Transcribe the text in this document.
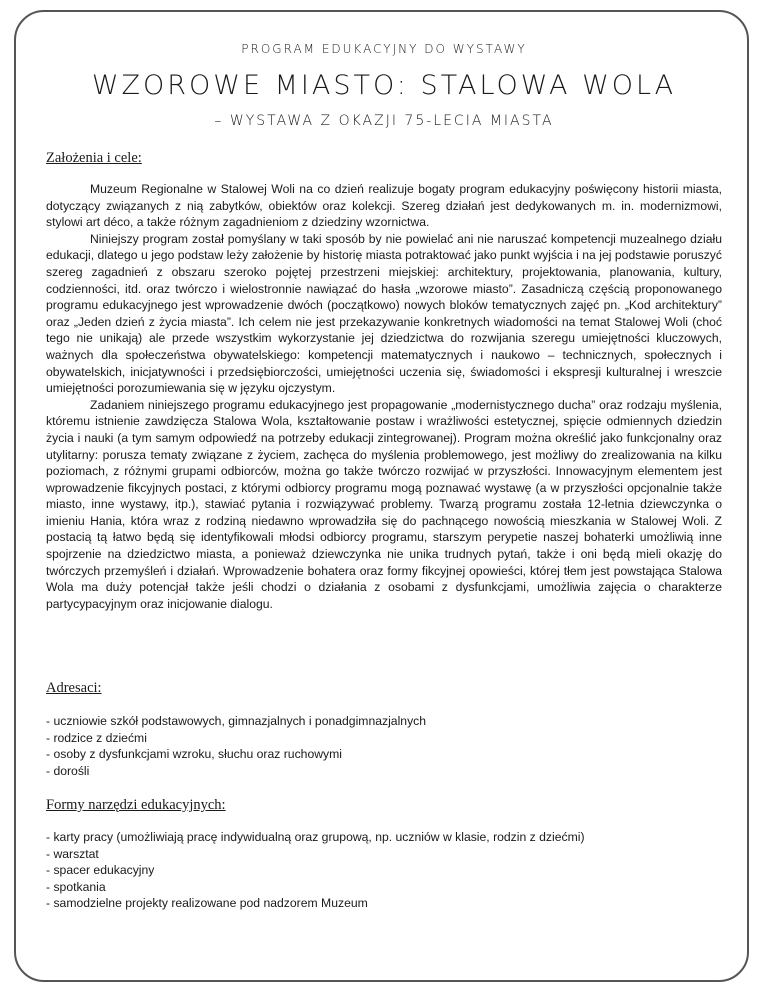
PROGRAM EDUKACYJNY DO WYSTAWY
WZOROWE MIASTO: STALOWA WOLA
– WYSTAWA Z OKAZJI 75-LECIA MIASTA
Założenia i cele:

Muzeum Regionalne w Stalowej Woli na co dzień realizuje bogaty program edukacyjny poświęcony historii miasta, dotyczący związanych z nią zabytków, obiektów oraz kolekcji. Szereg działań jest dedykowanych m. in. modernizmowi, stylowi art déco, a także różnym zagadnieniom z dziedziny wzornictwa.

Niniejszy program został pomyślany w taki sposób by nie powielać ani nie naruszać kompetencji muzealnego działu edukacji, dlatego u jego podstaw leży założenie by historię miasta potraktować jako punkt wyjścia i na jej podstawie poruszyć szereg zagadnień z obszaru szeroko pojętej przestrzeni miejskiej: architektury, projektowania, planowania, kultury, codzienności, itd. oraz twórczo i wielostronnie nawiązać do hasła „wzorowe miasto”. Zasadniczą częścią proponowanego programu edukacyjnego jest wprowadzenie dwóch (początkowo) nowych bloków tematycznych zajęć pn. „Kod architektury” oraz „Jeden dzień z życia miasta”. Ich celem nie jest przekazywanie konkretnych wiadomości na temat Stalowej Woli (choć tego nie unikają) ale przede wszystkim wykorzystanie jej dziedzictwa do rozwijania szeregu umiejętności kluczowych, ważnych dla społeczeństwa obywatelskiego: kompetencji matematycznych i naukowo – technicznych, społecznych i obywatelskich, inicjatywności i przedsiębiorczości, umiejętności uczenia się, świadomości i ekspresji kulturalnej i wreszcie umiejętności porozumiewania się w języku ojczystym.

Zadaniem niniejszego programu edukacyjnego jest propagowanie „modernistycznego ducha” oraz rodzaju myślenia, któremu istnienie zawdzięcza Stalowa Wola, kształtowanie postaw i wrażliwości estetycznej, spięcie odmiennych dziedzin życia i nauki (a tym samym odpowiedź na potrzeby edukacji zintegrowanej). Program można określić jako funkcjonalny oraz utylitarny: porusza tematy związane z życiem, zachęca do myślenia problemowego, jest możliwy do zrealizowania na kilku poziomach, z różnymi grupami odbiorców, można go także twórczo rozwijać w przyszłości. Innowacyjnym elementem jest wprowadzenie fikcyjnych postaci, z którymi odbiorcy programu mogą poznawać wystawę (a w przyszłości opcjonalnie także miasto, inne wystawy, itp.), stawiać pytania i rozwiązywać problemy. Twarzą programu została 12-letnia dziewczynka o imieniu Hania, która wraz z rodziną niedawno wprowadziła się do pachnącego nowością mieszkania w Stalowej Woli. Z postacią tą łatwo będą się identyfikowali młodsi odbiorcy programu, starszym perypetie naszej bohaterki umożliwią inne spojrzenie na dziedzictwo miasta, a ponieważ dziewczynka nie unika trudnych pytań, także i oni będą mieli okazję do twórczych przemyśleń i działań. Wprowadzenie bohatera oraz formy fikcyjnej opowieści, której tłem jest powstająca Stalowa Wola ma duży potencjał także jeśli chodzi o działania z osobami z dysfunkcjami, umożliwia zajęcia o charakterze partycypacyjnym oraz inicjowanie dialogu.

Adresaci:
- uczniowie szkół podstawowych, gimnazjalnych i ponadgimnazjalnych
- rodzice z dziećmi
- osoby z dysfunkcjami wzroku, słuchu oraz ruchowymi
- dorośli
Formy narzędzi edukacyjnych:
- karty pracy (umożliwiają pracę indywidualną oraz grupową, np. uczniów w klasie, rodzin z dziećmi)
- warsztat
- spacer edukacyjny
- spotkania
- samodzielne projekty realizowane pod nadzorem Muzeum
